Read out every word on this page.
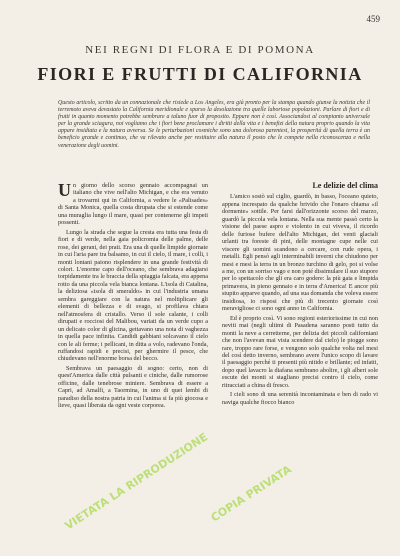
459
NEI REGNI DI FLORA E DI POMONA
FIORI E FRUTTI DI CALIFORNIA
Questo articolo, scritto da un connazionale che risiede a Los Angeles, era già pronto per la stampa quando giunse la notizia che il terremoto aveva devastato la California meridionale e sparso la desolazione tra quelle laboriose popolazioni. Parlare di fiori e di frutti in quanto momento potrebbe sembrare a taluno fuor di proposito. Eppure non è così. Associandosi al compianto universale per la grande sciagura, noi vogliamo che i fiori bene proclamare i diritti della vita e i benefizi della natura proprio quando la vita appare insidiata e la natura avversa. Se le perturbazioni cosmiche sono una dolorosa parentesi, la prosperità di quella terra è un beneficio grande e continuo, che va rilevato anche per restituire alla natura il posto che le compete nella riconoscenza e nella venerazione degli uomini.

Un giorno dello scorso gennaio accompagnai un italiano che vive nell'alto Michigan, e che era venuto a trovarmi qui in California, a vedere le «Palisades» di Santa Monica, quella costa dirupata che si estende come una muraglia lungo il mare, quasi per contenerne gli impeti possenti.

Lungo la strada che segue la cresta era tutta una festa di fiori e di verde, nella gaia policromia delle palme, delle rose, dei gerani, dei prati. Era una di quelle limpide giornate in cui l'aria pare tra balsamo, in cui il cielo, il mare, i colli, i monti lontani paiono risplendere in una grande festività di colori. L'enorme capo dell'oceano, che sembrava adagiarsi torpidamente tra le braccia della spiaggia falcata, era appena rotto da una piccola vela bianca lontana. L'isola di Catalina, la deliziosa «isola di smeraldo» in cui l'industria umana sembra gareggiare con la natura nel moltiplicare gli elementi di bellezza e di svago, si profilava chiara nell'atmosfera di cristallo. Verso il sole calante, i colli dirupati e rocciosi del Malibou, variati da un verde cupo a un delicato color di glicina, gettavano una nota di vaghezza in quella pace infinita. Candidi gabbiani solcavano il cielo con le ali ferme; i pellicani, in ditta a volo, radevano l'onda, ruffandosi rapidi e precisi, per ghermire il pesce, che chiudevano nell'enorme borsa del becco.

Sembrava un paesaggio di sogno: certo, non di quest'America dalle città pulsanti e ciniche, dalle rumorose officine, dalle tenebrose miniere. Sembrava di essere a Capri, ad Amalfi, a Taormina, in uno di quei lembi di paradiso della nostra patria in cui l'anima si fa più giocosa e lieve, quasi liberata da ogni veste corporea.

Le delizie del clima

L'amico sostò sul ciglio, guardò, in basso, l'oceano quieto, appena increspato da qualche brivido che l'onaro chiama «il dormente» sottile. Per farsi dall'orizzonte scorso del marzo, guardò la piccola vela lontana. Nella sua mente passò certo la visione del paese aspro e violento in cui viveva, il ricordo delle furiose bufere dell'alto Michigan, dei venti glaciali urlanti tra foreste di pini, delle montagne cupe nelle cui viscere gli uomini scandono a cercare, con rude opera, i metalli. Egli pensò agli interminabili inverni che chiudono per mesi e mesi la terra in un bronzo turchino di gelo, poi si volse a me, con un sorriso vago e non poté dissimulare il suo stupore per lo spettacolo che gli era caro godere: la più gaia e limpida primavera, in pieno gennaio e in terra d'America! E ancor più stupito apparve quando, ad una sua domanda che voleva essere insidiosa, io risposi che più di trecento giornate così meravigliose ci sono ogni anno in California.

Ed è proprio così. Vi sono regioni esteriorissime in cui non neviti mai (negli ultimi di Pasadena saranno posti tutto da monti la neve a cerretterne, per delizia dei piccoli californiani che non l'avevan mai vista scendere dal cielo) le piogge sono rare, troppo rare forse, e vengono solo qualche volta nel mesi del così detto inverno, sembrano avere l'unico scopo di lavare il paesaggio perché ti presenti più nitido e brillante; ed infatti, dopo quel lavacro la diafana sembrano abolire, i gli alberi sole escute dei monti si stagliano precisi contro il cielo, come ritracciati a china di fresco.

I cieli sono di una serenità incontaminata e ben di rado vi naviga qualche fiocco bianco

VIETATA LA RIPRODUZIONE
COPIA PRIVATA
